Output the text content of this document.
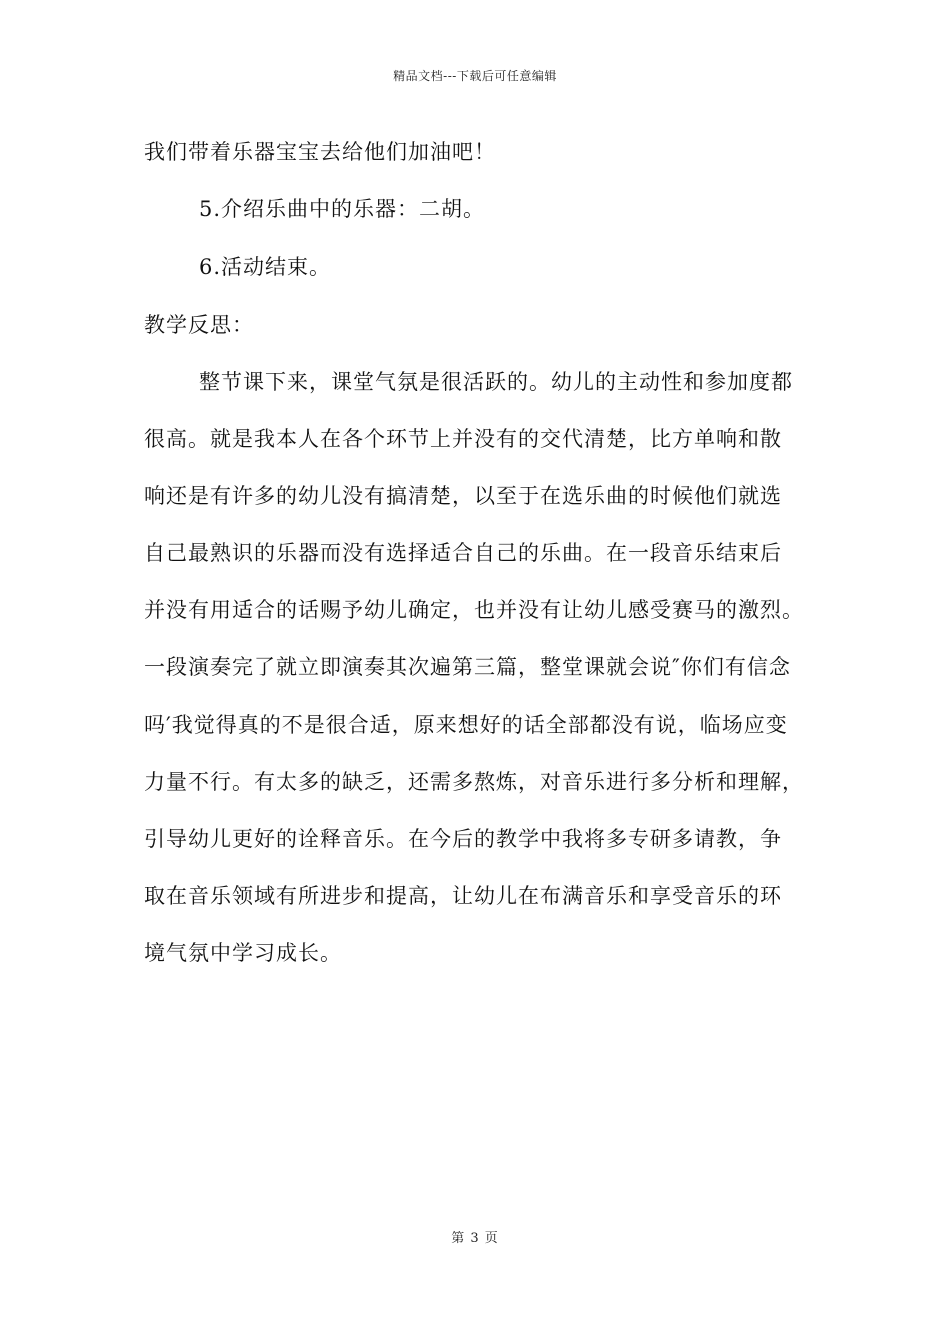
精品文档---下载后可任意编辑
我们带着乐器宝宝去给他们加油吧！
5.介绍乐曲中的乐器：二胡。
6.活动结束。
教学反思：
整节课下来，课堂气氛是很活跃的。幼儿的主动性和参加度都
很高。就是我本人在各个环节上并没有的交代清楚，比方单响和散
响还是有许多的幼儿没有搞清楚，以至于在选乐曲的时候他们就选
自己最熟识的乐器而没有选择适合自己的乐曲。在一段音乐结束后
并没有用适合的话赐予幼儿确定，也并没有让幼儿感受赛马的激烈。
一段演奏完了就立即演奏其次遍第三篇，整堂课就会说″你们有信念
吗′我觉得真的不是很合适，原来想好的话全部都没有说，临场应变
力量不行。有太多的缺乏，还需多熬炼，对音乐进行多分析和理解，
引导幼儿更好的诠释音乐。在今后的教学中我将多专研多请教，争
取在音乐领域有所进步和提高，让幼儿在布满音乐和享受音乐的环
境气氛中学习成长。
第 3 页
